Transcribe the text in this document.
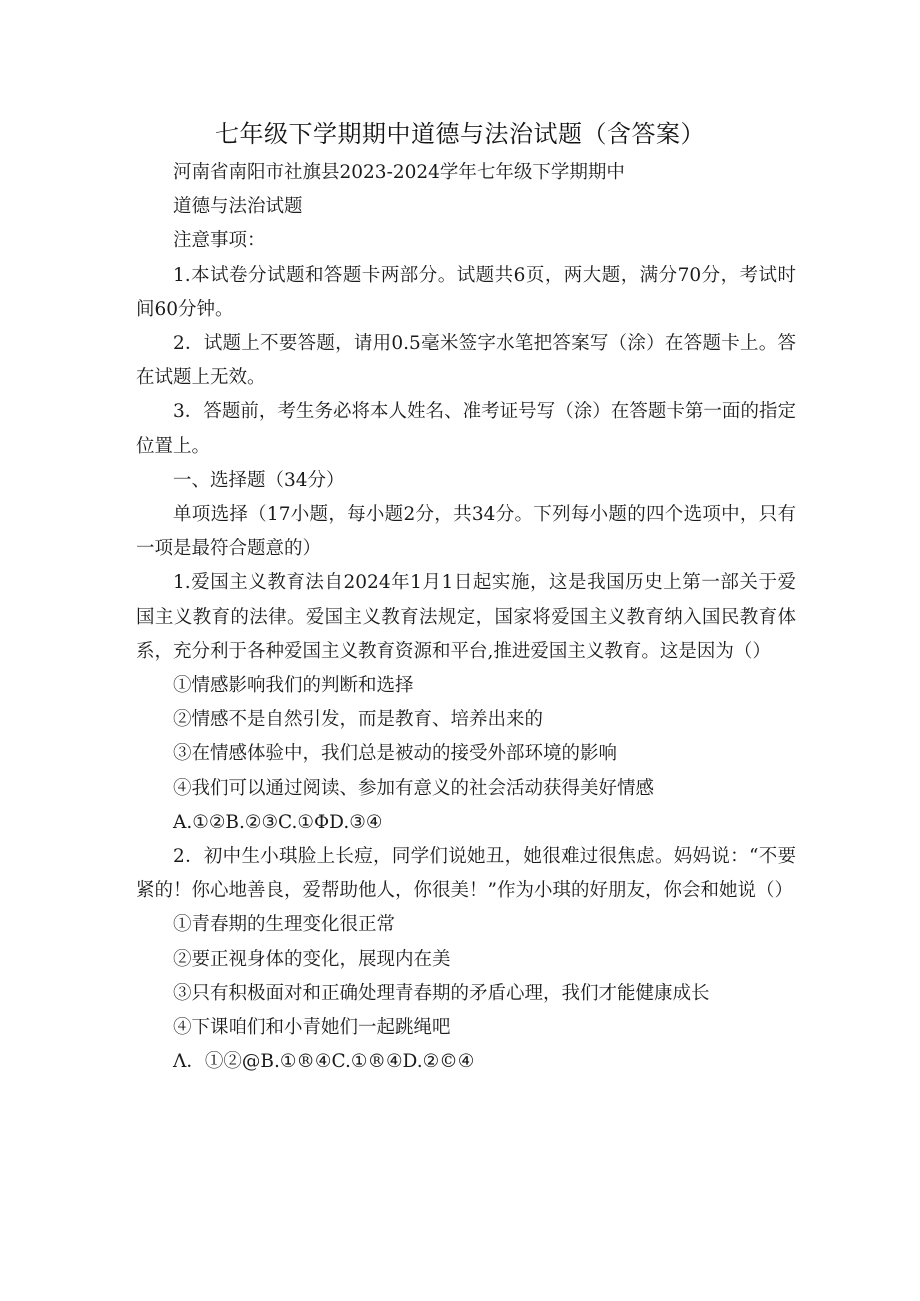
七年级下学期期中道德与法治试题（含答案）

河南省南阳市社旗县2023-2024学年七年级下学期期中

道德与法治试题

注意事项：

1.本试卷分试题和答题卡两部分。试题共6页，两大题，满分70分，考试时间60分钟。

2．试题上不要答题，请用0.5毫米签字水笔把答案写（涂）在答题卡上。答在试题上无效。

3．答题前，考生务必将本人姓名、准考证号写（涂）在答题卡第一面的指定位置上。

一、选择题（34分）

单项选择（17小题，每小题2分，共34分。下列每小题的四个选项中，只有一项是最符合题意的）

1.爱国主义教育法自2024年1月1日起实施，这是我国历史上第一部关于爱国主义教育的法律。爱国主义教育法规定，国家将爱国主义教育纳入国民教育体系，充分利于各种爱国主义教育资源和平台,推进爱国主义教育。这是因为（）

①情感影响我们的判断和选择

②情感不是自然引发，而是教育、培养出来的

③在情感体验中，我们总是被动的接受外部环境的影响

④我们可以通过阅读、参加有意义的社会活动获得美好情感

A.①②B.②③C.①ΦD.③④

2．初中生小琪脸上长痘，同学们说她丑，她很难过很焦虑。妈妈说：“不要紧的！你心地善良，爱帮助他人，你很美！”作为小琪的好朋友，你会和她说（）

①青春期的生理变化很正常

②要正视身体的变化，展现内在美

③只有积极面对和正确处理青春期的矛盾心理，我们才能健康成长

④下课咱们和小青她们一起跳绳吧

Λ．①②@B.①®④C.①®④D.②©④
